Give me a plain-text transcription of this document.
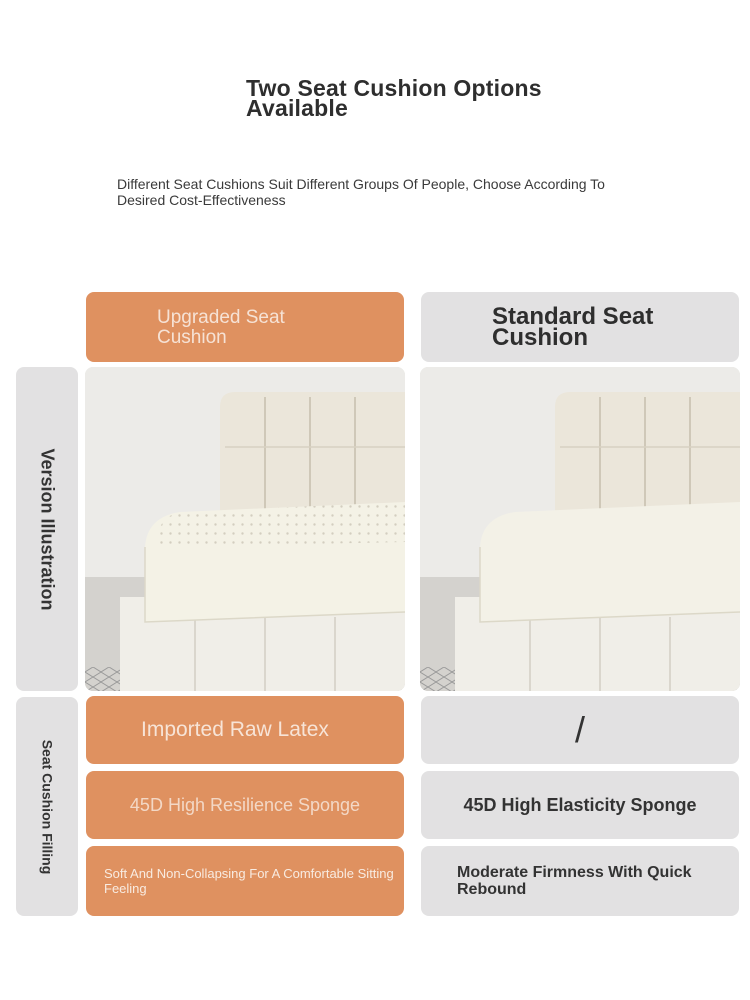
Two Seat Cushion Options Available
Different Seat Cushions Suit Different Groups Of People, Choose According To Desired Cost-Effectiveness
Upgraded Seat Cushion
Standard Seat Cushion
Version Illustration
Seat Cushion Filling
Imported Raw Latex
45D High Resilience Sponge
Soft And Non-Collapsing For A Comfortable Sitting Feeling
/
45D High Elasticity Sponge
Moderate Firmness With Quick Rebound
